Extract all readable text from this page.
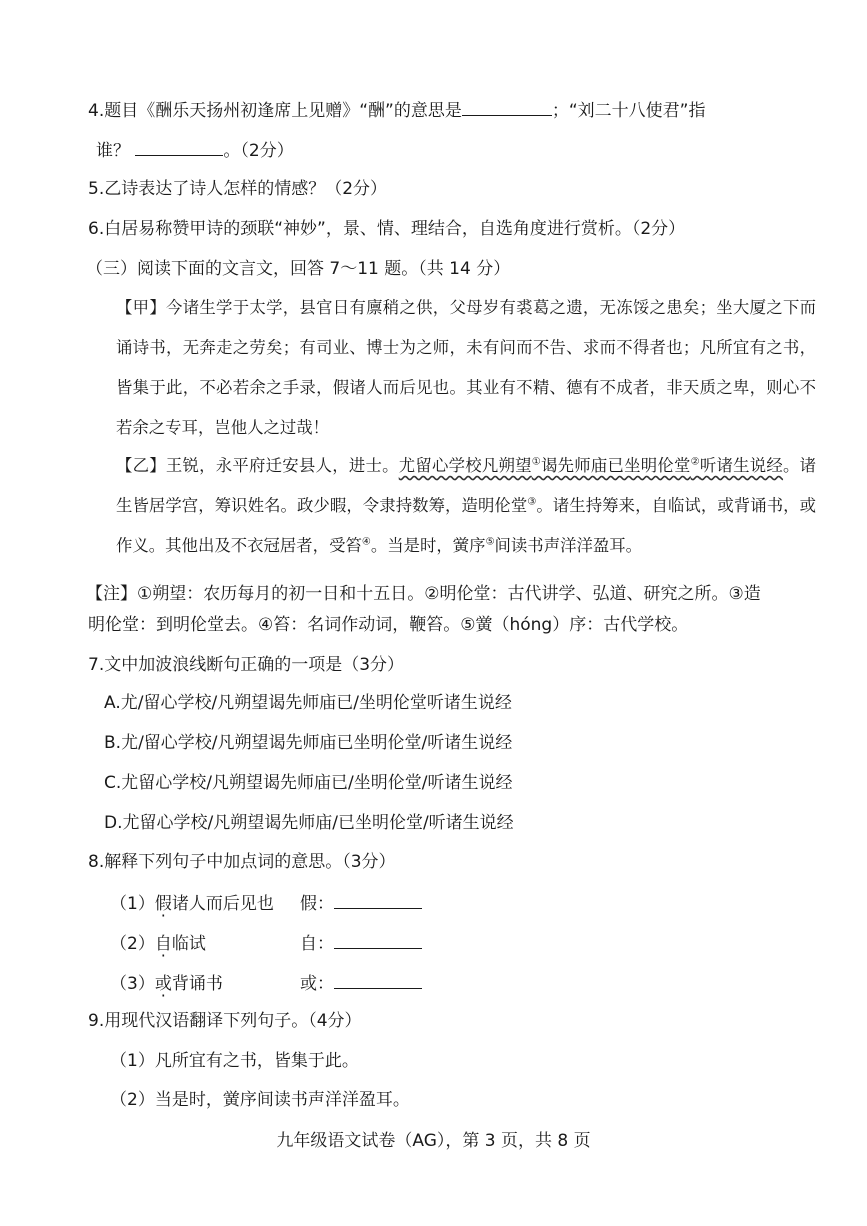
4.题目《酬乐天扬州初逢席上见赠》“酬”的意思是	；“刘二十八使君”指
谁？	。（2分）
5.乙诗表达了诗人怎样的情感？（2分）
6.白居易称赞甲诗的颈联“神妙”，景、情、理结合，自选角度进行赏析。（2分）
（三）阅读下面的文言文，回答 7～11 题。（共 14 分）
【甲】今诸生学于太学，县官日有廪稍之供，父母岁有裘葛之遗，无冻馁之患矣；坐大厦之下而诵诗书，无奔走之劳矣；有司业、博士为之师，未有问而不告、求而不得者也；凡所宜有之书，皆集于此，不必若余之手录，假诸人而后见也。其业有不精、德有不成者，非天质之卑，则心不若余之专耳，岂他人之过哉！
【乙】王锐，永平府迁安县人，进士。尤留心学校凡朔望①谒先师庙已坐明伦堂②听诸生说经。诸生皆居学宫，筹识姓名。政少暇，令隶持数筹，造明伦堂③。诸生持筹来，自临试，或背诵书，或作义。其他出及不衣冠居者，受笞④。当是时，黉序⑤间读书声洋洋盈耳。
【注】①朔望：农历每月的初一日和十五日。②明伦堂：古代讲学、弘道、研究之所。③造
明伦堂：到明伦堂去。④笞：名词作动词，鞭笞。⑤黉（hóng）序：古代学校。
7.文中加波浪线断句正确的一项是（3分）
A.尤/留心学校/凡朔望谒先师庙已/坐明伦堂听诸生说经
B.尤/留心学校/凡朔望谒先师庙已坐明伦堂/听诸生说经
C.尤留心学校/凡朔望谒先师庙已/坐明伦堂/听诸生说经
D.尤留心学校/凡朔望谒先师庙/已坐明伦堂/听诸生说经
8.解释下列句子中加点词的意思。（3分）
（1）假诸人而后见也 假：
（2）自临试	自：
（3）或背诵书	或：
9.用现代汉语翻译下列句子。（4分）
（1）凡所宜有之书，皆集于此。
（2）当是时，黉序间读书声洋洋盈耳。
九年级语文试卷（AG），第 3 页，共 8 页
